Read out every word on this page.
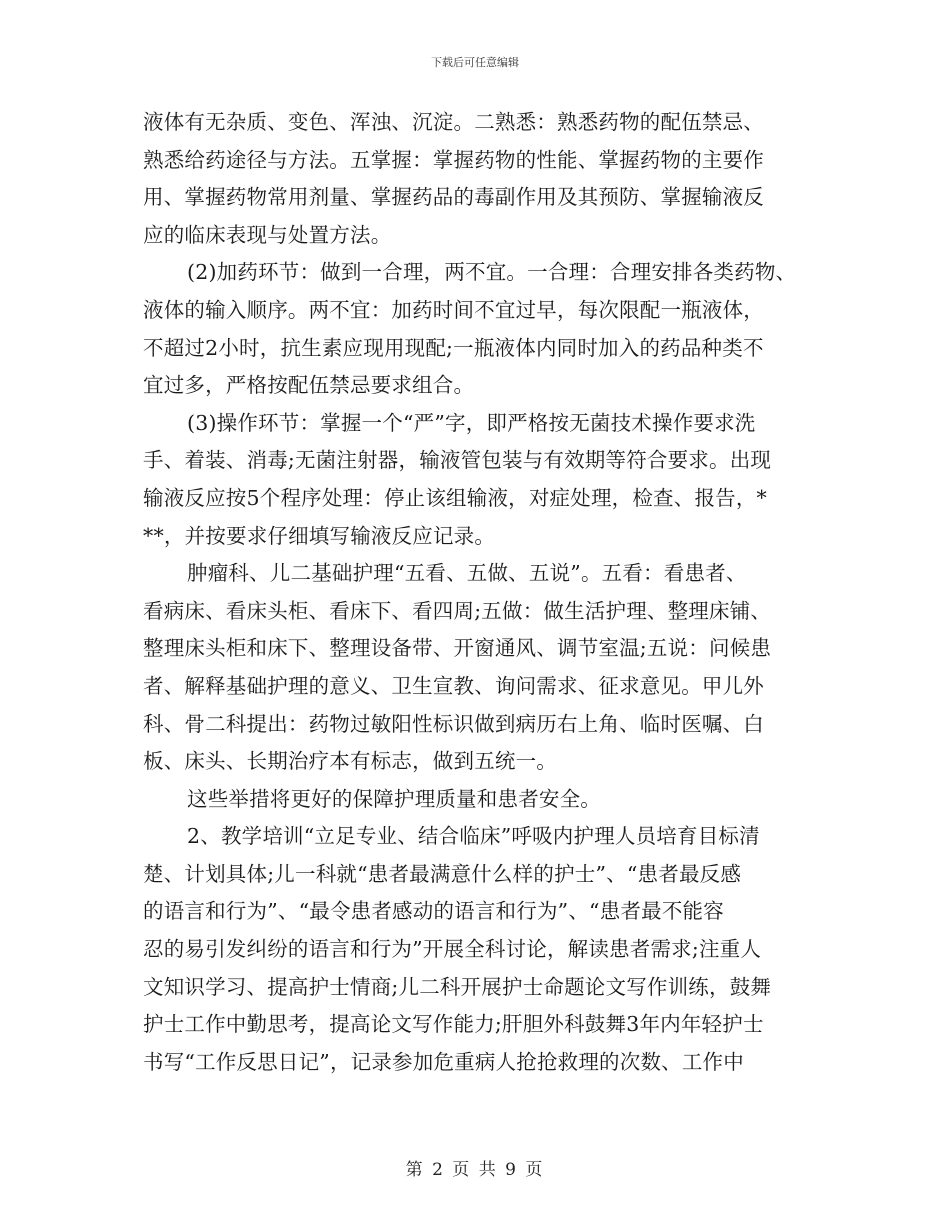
下载后可任意编辑
液体有无杂质、变色、浑浊、沉淀。二熟悉：熟悉药物的配伍禁忌、
熟悉给药途径与方法。五掌握：掌握药物的性能、掌握药物的主要作
用、掌握药物常用剂量、掌握药品的毒副作用及其预防、掌握输液反
应的临床表现与处置方法。
(2)加药环节：做到一合理，两不宜。一合理：合理安排各类药物、
液体的输入顺序。两不宜：加药时间不宜过早，每次限配一瓶液体，
不超过2小时，抗生素应现用现配;一瓶液体内同时加入的药品种类不
宜过多，严格按配伍禁忌要求组合。
(3)操作环节：掌握一个“严”字，即严格按无菌技术操作要求洗
手、着装、消毒;无菌注射器，输液管包装与有效期等符合要求。出现
输液反应按5个程序处理：停止该组输液，对症处理，检查、报告，*
**，并按要求仔细填写输液反应记录。
肿瘤科、儿二基础护理“五看、五做、五说”。五看：看患者、
看病床、看床头柜、看床下、看四周;五做：做生活护理、整理床铺、
整理床头柜和床下、整理设备带、开窗通风、调节室温;五说：问候患
者、解释基础护理的意义、卫生宣教、询问需求、征求意见。甲儿外
科、骨二科提出：药物过敏阳性标识做到病历右上角、临时医嘱、白
板、床头、长期治疗本有标志，做到五统一。
这些举措将更好的保障护理质量和患者安全。
2、教学培训“立足专业、结合临床”呼吸内护理人员培育目标清
楚、计划具体;儿一科就“患者最满意什么样的护士”、“患者最反感
的语言和行为”、“最令患者感动的语言和行为”、“患者最不能容
忍的易引发纠纷的语言和行为”开展全科讨论，解读患者需求;注重人
文知识学习、提高护士情商;儿二科开展护士命题论文写作训练，鼓舞
护士工作中勤思考，提高论文写作能力;肝胆外科鼓舞3年内年轻护士
书写“工作反思日记”，记录参加危重病人抢抢救理的次数、工作中
第 2 页 共 9 页
